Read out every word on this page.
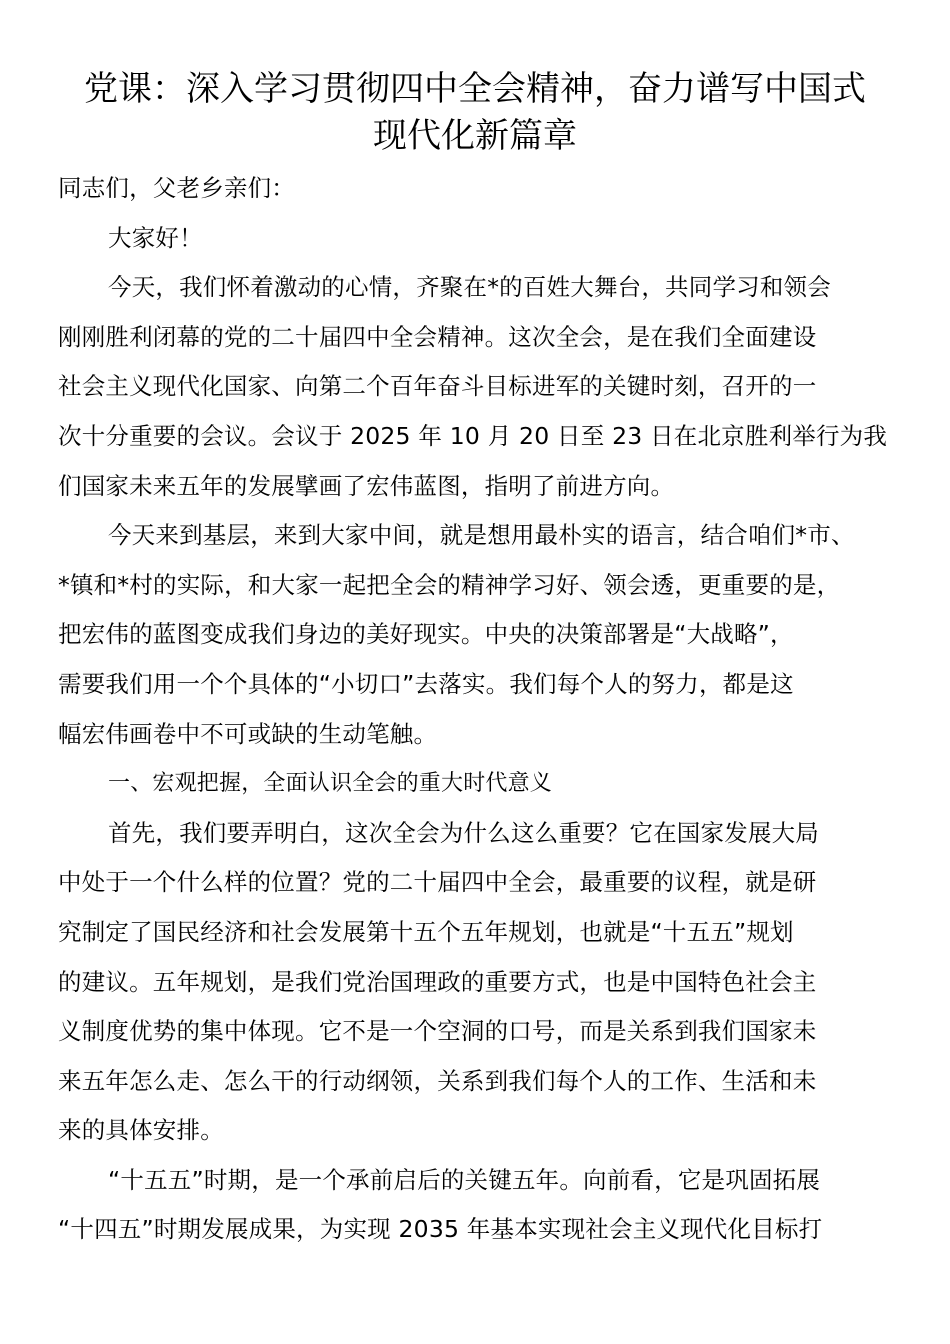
党课：深入学习贯彻四中全会精神，奋力谱写中国式
现代化新篇章
同志们，父老乡亲们：
大家好！
今天，我们怀着激动的心情，齐聚在*的百姓大舞台，共同学习和领会
刚刚胜利闭幕的党的二十届四中全会精神。这次全会，是在我们全面建设
社会主义现代化国家、向第二个百年奋斗目标进军的关键时刻，召开的一
次十分重要的会议。会议于 2025 年 10 月 20 日至 23 日在北京胜利举行为我
们国家未来五年的发展擘画了宏伟蓝图，指明了前进方向。
今天来到基层，来到大家中间，就是想用最朴实的语言，结合咱们*市、
*镇和*村的实际，和大家一起把全会的精神学习好、领会透，更重要的是，
把宏伟的蓝图变成我们身边的美好现实。中央的决策部署是“大战略”，
需要我们用一个个具体的“小切口”去落实。我们每个人的努力，都是这
幅宏伟画卷中不可或缺的生动笔触。
一、宏观把握，全面认识全会的重大时代意义
首先，我们要弄明白，这次全会为什么这么重要？它在国家发展大局
中处于一个什么样的位置？党的二十届四中全会，最重要的议程，就是研
究制定了国民经济和社会发展第十五个五年规划，也就是“十五五”规划
的建议。五年规划，是我们党治国理政的重要方式，也是中国特色社会主
义制度优势的集中体现。它不是一个空洞的口号，而是关系到我们国家未
来五年怎么走、怎么干的行动纲领，关系到我们每个人的工作、生活和未
来的具体安排。
“十五五”时期，是一个承前启后的关键五年。向前看，它是巩固拓展
“十四五”时期发展成果，为实现 2035 年基本实现社会主义现代化目标打
